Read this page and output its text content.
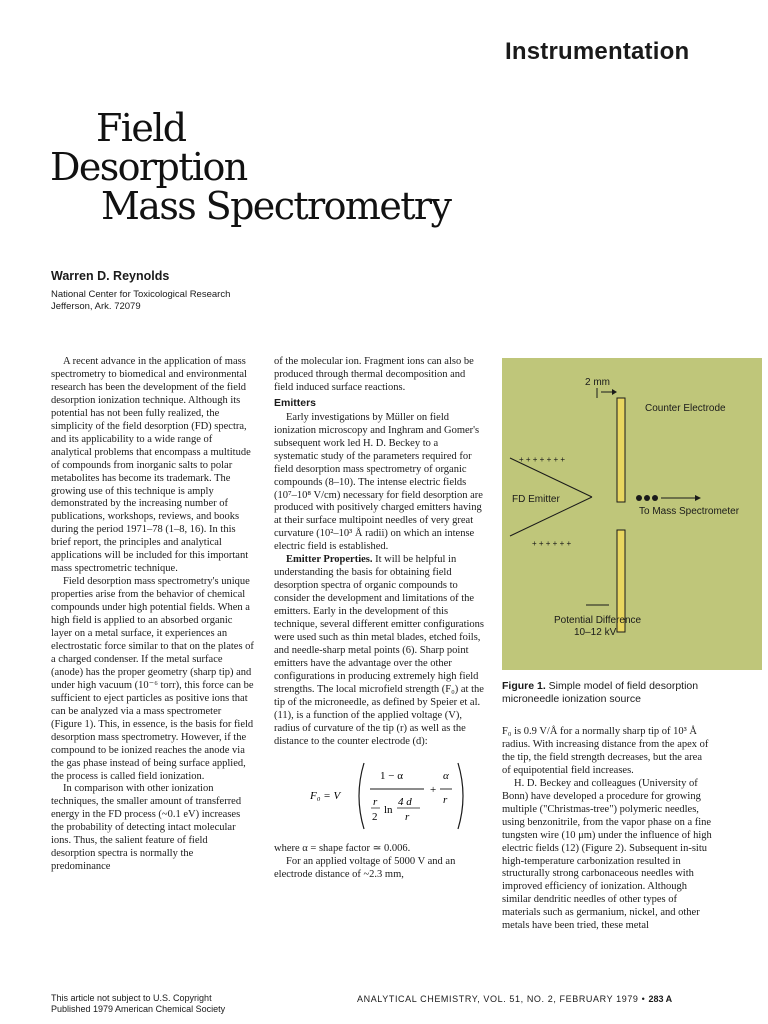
Instrumentation
Field
Desorption
Mass Spectrometry
Warren D. Reynolds
National Center for Toxicological Research
Jefferson, Ark. 72079

A recent advance in the application of mass spectrometry to biomedical and environmental research has been the development of the field desorption ionization technique. Although its potential has not been fully realized, the simplicity of the field desorption (FD) spectra, and its applicability to a wide range of analytical problems that encompass a multitude of compounds from inorganic salts to polar metabolites has become its trademark. The growing use of this technique is amply demonstrated by the increasing number of publications, workshops, reviews, and books during the period 1971–78 (1–8, 16). In this brief report, the principles and analytical applications will be included for this important mass spectrometric technique.

Field desorption mass spectrometry's unique properties arise from the behavior of chemical compounds under high potential fields. When a high field is applied to an absorbed organic layer on a metal surface, it experiences an electrostatic force similar to that on the plates of a charged condenser. If the metal surface (anode) has the proper geometry (sharp tip) and under high vacuum (10⁻⁶ torr), this force can be sufficient to eject particles as positive ions that can be analyzed via a mass spectrometer (Figure 1). This, in essence, is the basis for field desorption mass spectrometry. However, if the compound to be ionized reaches the anode via the gas phase instead of being surface applied, the process is called field ionization.

In comparison with other ionization techniques, the smaller amount of transferred energy in the FD process (~0.1 eV) increases the probability of detecting intact molecular ions. Thus, the salient feature of field desorption spectra is normally the predominance

of the molecular ion. Fragment ions can also be produced through thermal decomposition and field induced surface reactions.

Emitters

Early investigations by Müller on field ionization microscopy and Inghram and Gomer's subsequent work led H. D. Beckey to a systematic study of the parameters required for field desorption mass spectrometry of organic compounds (8–10). The intense electric fields (10⁷–10⁸ V/cm) necessary for field desorption are produced with positively charged emitters having at their surface multipoint needles of very great curvature (10²–10³ Å radii) on which an intense electric field is established.

Emitter Properties. It will be helpful in understanding the basis for obtaining field desorption spectra of organic compounds to consider the development and limitations of the emitters. Early in the development of this technique, several different emitter configurations were used such as thin metal blades, etched foils, and needle-sharp metal points (6). Sharp point emitters have the advantage over the other configurations in producing extremely high field strengths. The local microfield strength (F₀) at the tip of the microneedle, as defined by Speier et al. (11), is a function of the applied voltage (V), radius of curvature of the tip (r) as well as the distance to the counter electrode (d):

F₀ = V
1 − α
r
2
ln
4 d
r
+
α
r

where α = shape factor ≃ 0.006.

For an applied voltage of 5000 V and an electrode distance of ~2.3 mm,

2 mm
Counter Electrode
+ + + + + + +
+ + + + + +
FD Emitter
To Mass Spectrometer
Potential Difference
10–12 kV
Figure 1. Simple model of field desorption microneedle ionization source

F₀ is 0.9 V/Å for a normally sharp tip of 10³ Å radius. With increasing distance from the apex of the tip, the field strength decreases, but the area of equipotential field increases.

H. D. Beckey and colleagues (University of Bonn) have developed a procedure for growing multiple ("Christmas-tree") polymeric needles, using benzonitrile, from the vapor phase on a fine tungsten wire (10 μm) under the influence of high electric fields (12) (Figure 2). Subsequent in-situ high-temperature carbonization resulted in structurally strong carbonaceous needles with improved efficiency of ionization. Although similar dendritic needles of other types of materials such as germanium, nickel, and other metals have been tried, these metal

This article not subject to U.S. Copyright
Published 1979 American Chemical Society
ANALYTICAL CHEMISTRY, VOL. 51, NO. 2, FEBRUARY 1979 • 283 A
